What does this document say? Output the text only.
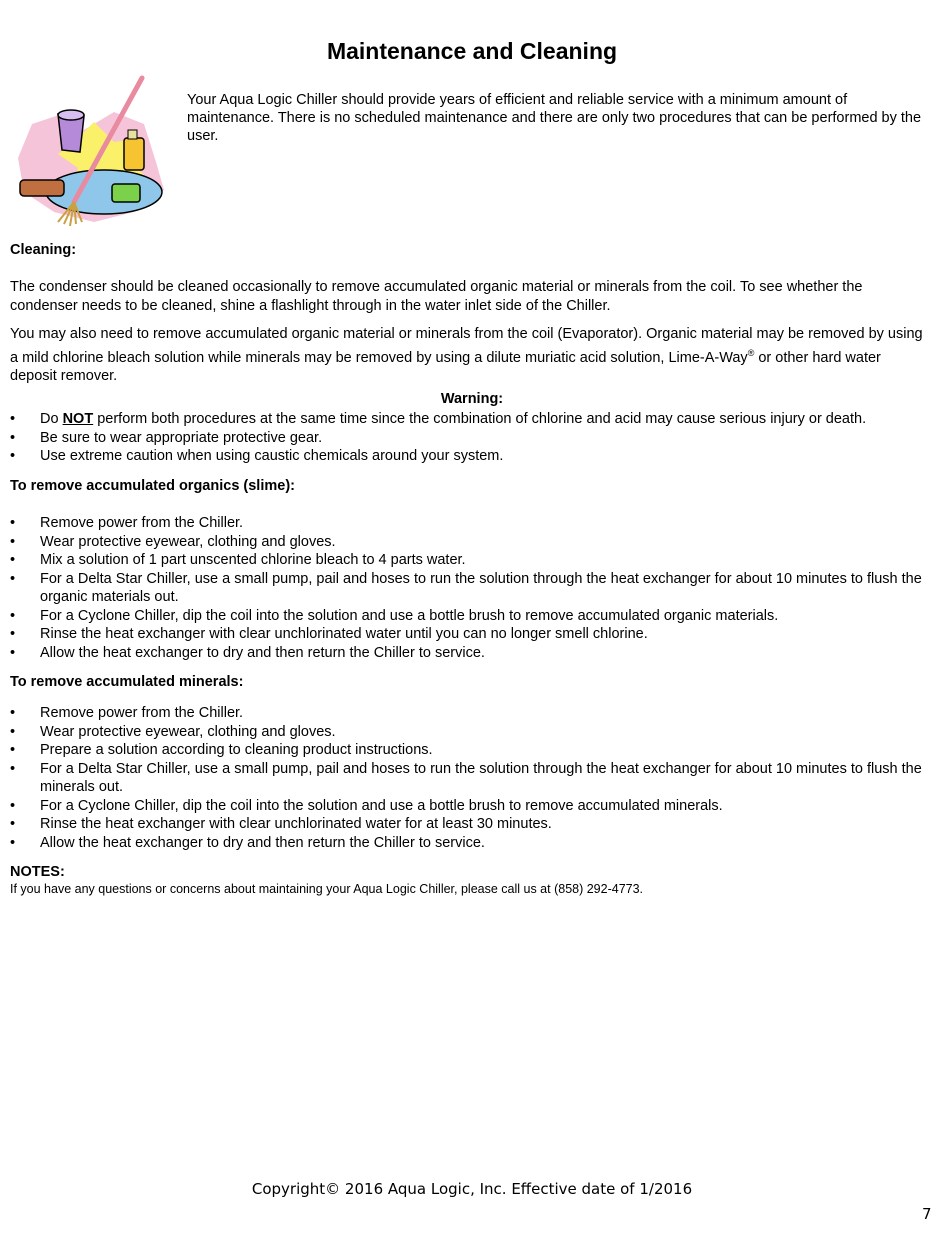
Maintenance and Cleaning
Your Aqua Logic Chiller should provide years of efficient and reliable service with a minimum amount of maintenance. There is no scheduled maintenance and there are only two procedures that can be performed by the user.
Cleaning:
The condenser should be cleaned occasionally to remove accumulated organic material or minerals from the coil. To see whether the condenser needs to be cleaned, shine a flashlight through in the water inlet side of the Chiller.
You may also need to remove accumulated organic material or minerals from the coil (Evaporator). Organic material may be removed by using a mild chlorine bleach solution while minerals may be removed by using a dilute muriatic acid solution, Lime-A-Way® or other hard water deposit remover.
Warning:
• Do NOT perform both procedures at the same time since the combination of chlorine and acid may cause serious injury or death.
• Be sure to wear appropriate protective gear.
• Use extreme caution when using caustic chemicals around your system.
To remove accumulated organics (slime):
• Remove power from the Chiller.
• Wear protective eyewear, clothing and gloves.
• Mix a solution of 1 part unscented chlorine bleach to 4 parts water.
• For a Delta Star Chiller, use a small pump, pail and hoses to run the solution through the heat exchanger for about 10 minutes to flush the organic materials out.
• For a Cyclone Chiller, dip the coil into the solution and use a bottle brush to remove accumulated organic materials.
• Rinse the heat exchanger with clear unchlorinated water until you can no longer smell chlorine.
• Allow the heat exchanger to dry and then return the Chiller to service.
To remove accumulated minerals:
• Remove power from the Chiller.
• Wear protective eyewear, clothing and gloves.
• Prepare a solution according to cleaning product instructions.
• For a Delta Star Chiller, use a small pump, pail and hoses to run the solution through the heat exchanger for about 10 minutes to flush the minerals out.
• For a Cyclone Chiller, dip the coil into the solution and use a bottle brush to remove accumulated minerals.
• Rinse the heat exchanger with clear unchlorinated water for at least 30 minutes.
• Allow the heat exchanger to dry and then return the Chiller to service.
NOTES:
If you have any questions or concerns about maintaining your Aqua Logic Chiller, please call us at (858) 292-4773.
Copyright© 2016 Aqua Logic, Inc. Effective date of 1/2016
7
